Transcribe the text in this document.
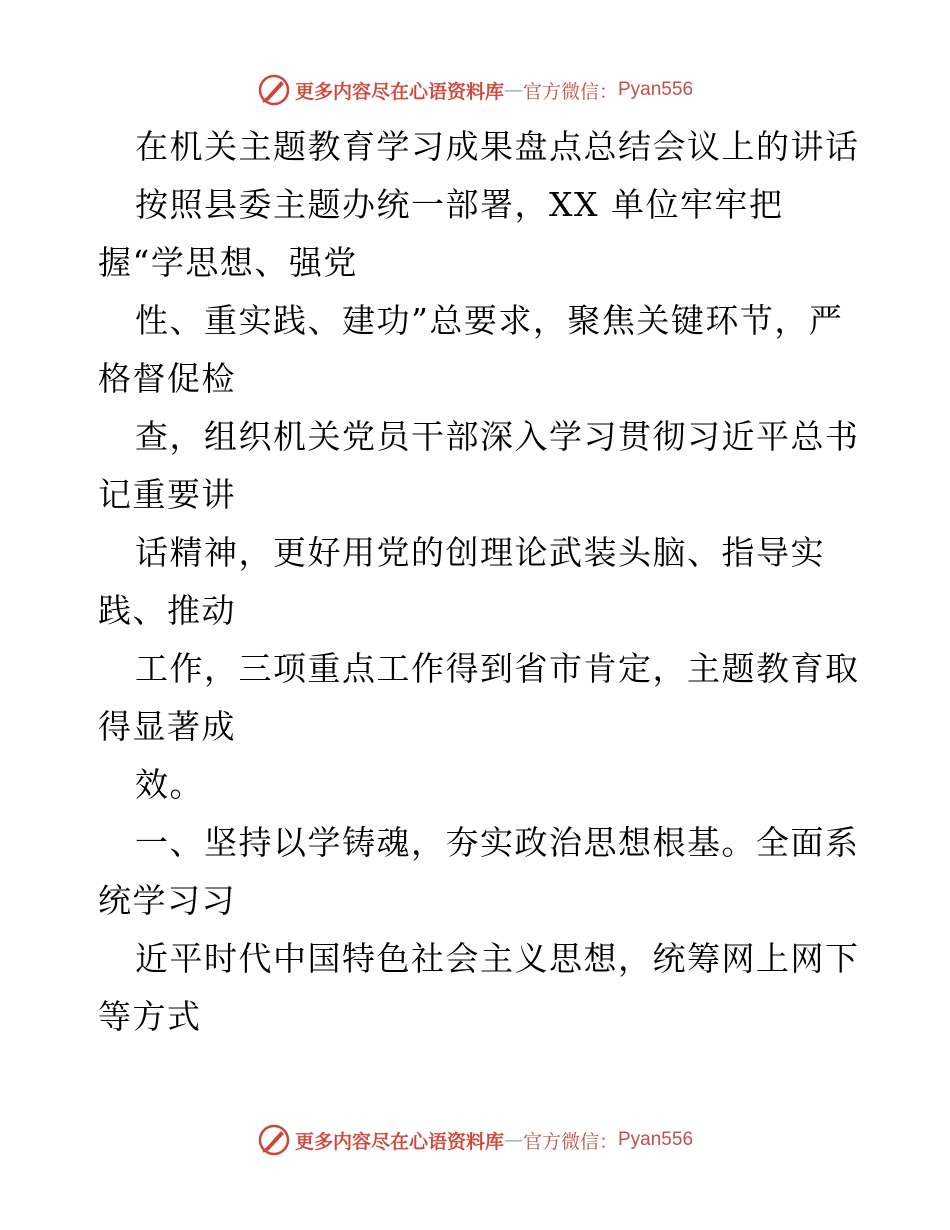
更多内容尽在心语资料库 — 官方微信： Pyan556
在机关主题教育学习成果盘点总结会议上的讲话
按照县委主题办统一部署，XX 单位牢牢把
握“学思想、强党
性、重实践、建功”总要求，聚焦关键环节，严
格督促检
查，组织机关党员干部深入学习贯彻习近平总书
记重要讲
话精神，更好用党的创理论武装头脑、指导实
践、推动
工作，三项重点工作得到省市肯定，主题教育取
得显著成
效。
一、坚持以学铸魂，夯实政治思想根基。全面系
统学习习
近平时代中国特色社会主义思想，统筹网上网下
等方式
更多内容尽在心语资料库 — 官方微信： Pyan556
